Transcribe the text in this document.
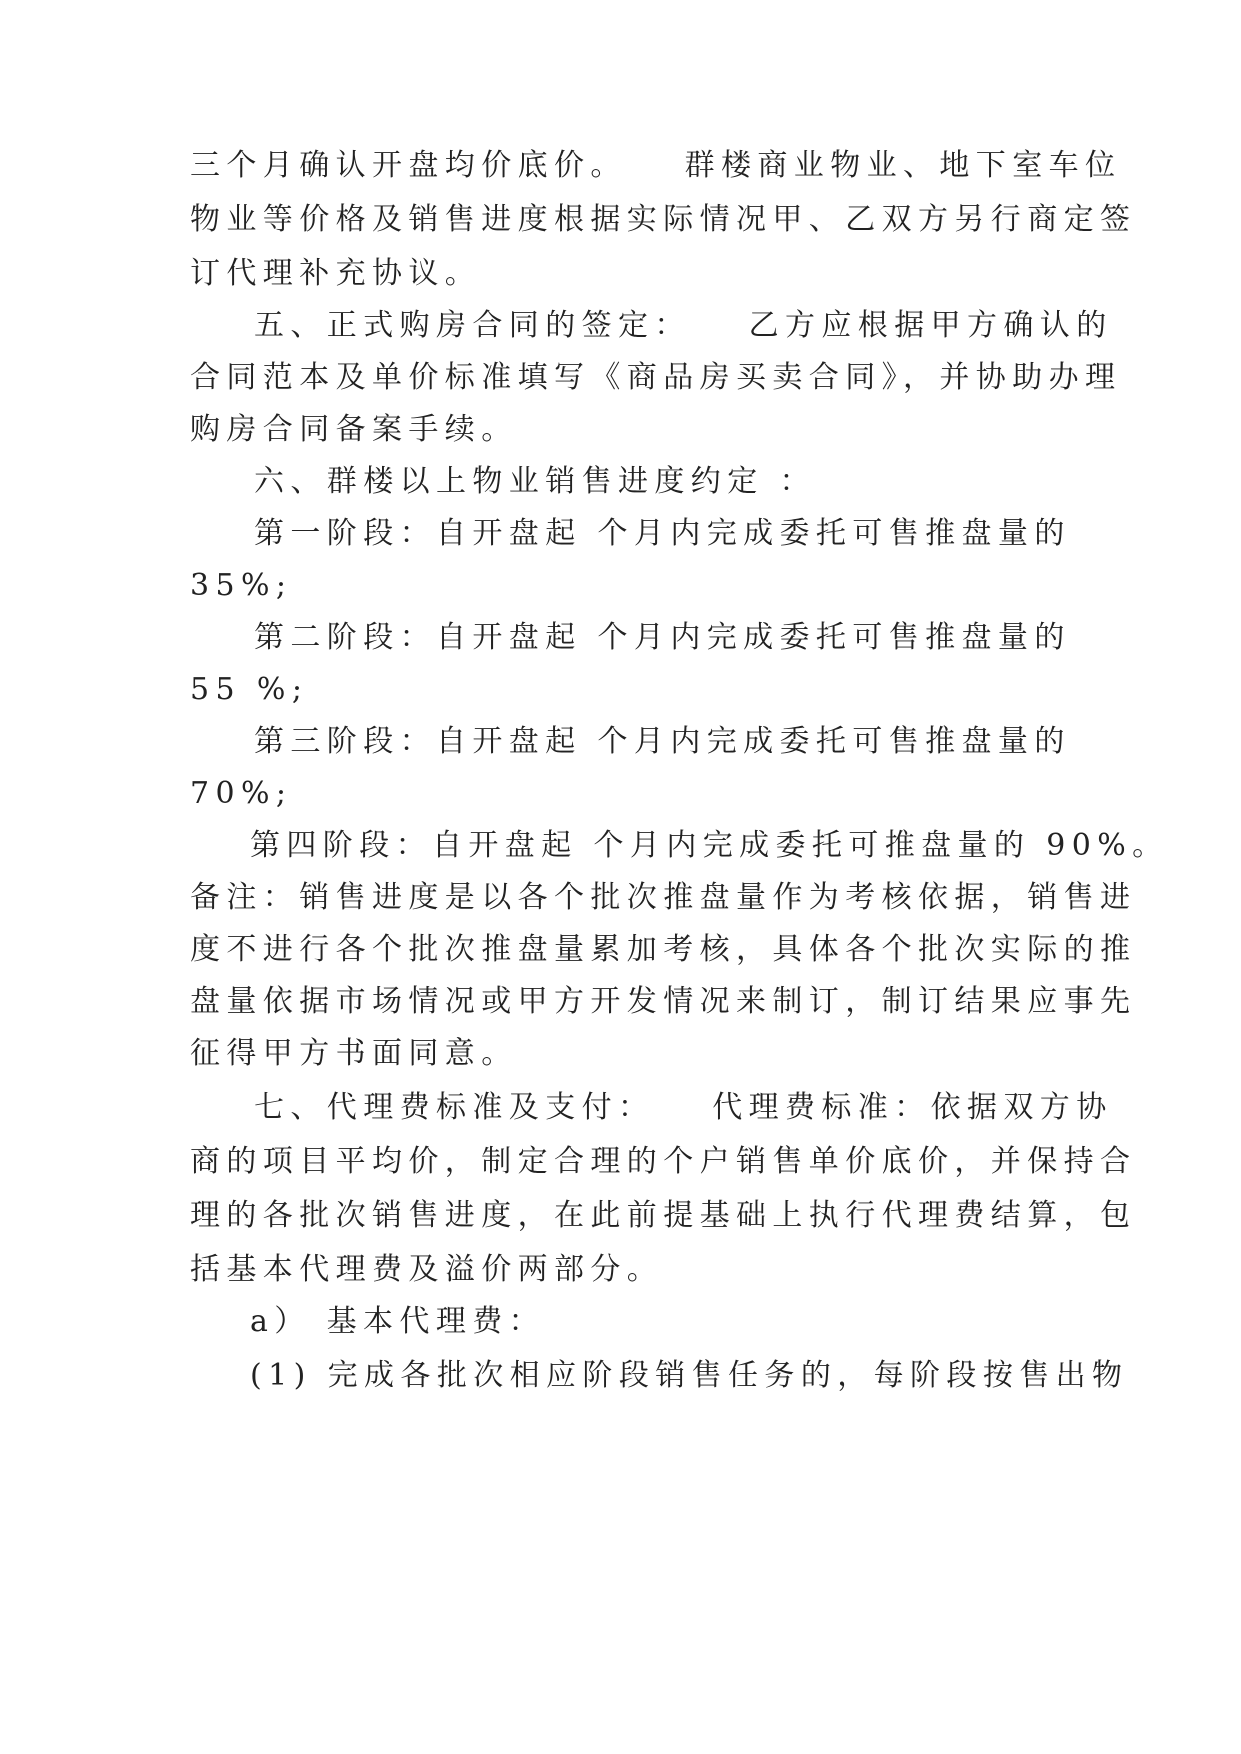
三个月确认开盘均价底价。　　群楼商业物业、地下室车位
物业等价格及销售进度根据实际情况甲、乙双方另行商定签
订代理补充协议。
五、正式购房合同的签定：　　乙方应根据甲方确认的
合同范本及单价标准填写《商品房买卖合同》，并协助办理
购房合同备案手续。
六、群楼以上物业销售进度约定 ：
第一阶段：自开盘起 个月内完成委托可售推盘量的
35%;
第二阶段：自开盘起 个月内完成委托可售推盘量的
55 %;
第三阶段：自开盘起 个月内完成委托可售推盘量的
70%;
第四阶段：自开盘起 个月内完成委托可推盘量的 90%。
备注：销售进度是以各个批次推盘量作为考核依据，销售进
度不进行各个批次推盘量累加考核，具体各个批次实际的推
盘量依据市场情况或甲方开发情况来制订，制订结果应事先
征得甲方书面同意。
七、代理费标准及支付：　　代理费标准：依据双方协
商的项目平均价，制定合理的个户销售单价底价，并保持合
理的各批次销售进度，在此前提基础上执行代理费结算，包
括基本代理费及溢价两部分。
a） 基本代理费：
(1) 完成各批次相应阶段销售任务的，每阶段按售出物
